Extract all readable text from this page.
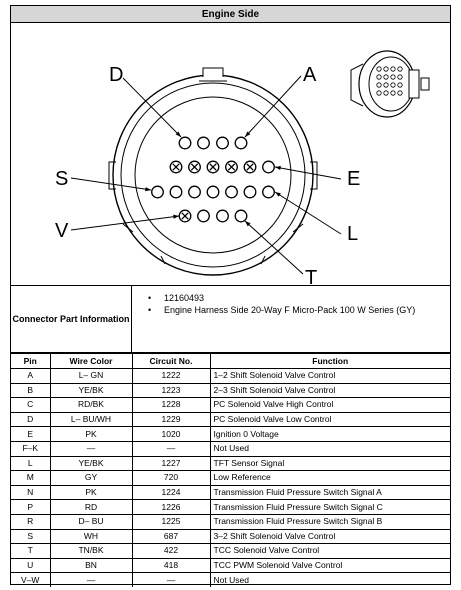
Engine Side
D	A
S	E
V	L
T
Connector Part Information
• 12160493
• Engine Harness Side 20-Way F Micro-Pack 100 W Series (GY)
Pin	Wire Color	Circuit No.	Function
A	L– GN	1222	1–2 Shift Solenoid Valve Control
B	YE/BK	1223	2–3 Shift Solenoid Valve Control
C	RD/BK	1228	PC Solenoid Valve High Control
D	L– BU/WH	1229	PC Solenoid Valve Low Control
E	PK	1020	Ignition 0 Voltage
F–K	—	—	Not Used
L	YE/BK	1227	TFT Sensor Signal
M	GY	720	Low Reference
N	PK	1224	Transmission Fluid Pressure Switch Signal A
P	RD	1226	Transmission Fluid Pressure Switch Signal C
R	D– BU	1225	Transmission Fluid Pressure Switch Signal B
S	WH	687	3–2 Shift Solenoid Valve Control
T	TN/BK	422	TCC Solenoid Valve Control
U	BN	418	TCC PWM Solenoid Valve Control
V–W	—	—	Not Used
